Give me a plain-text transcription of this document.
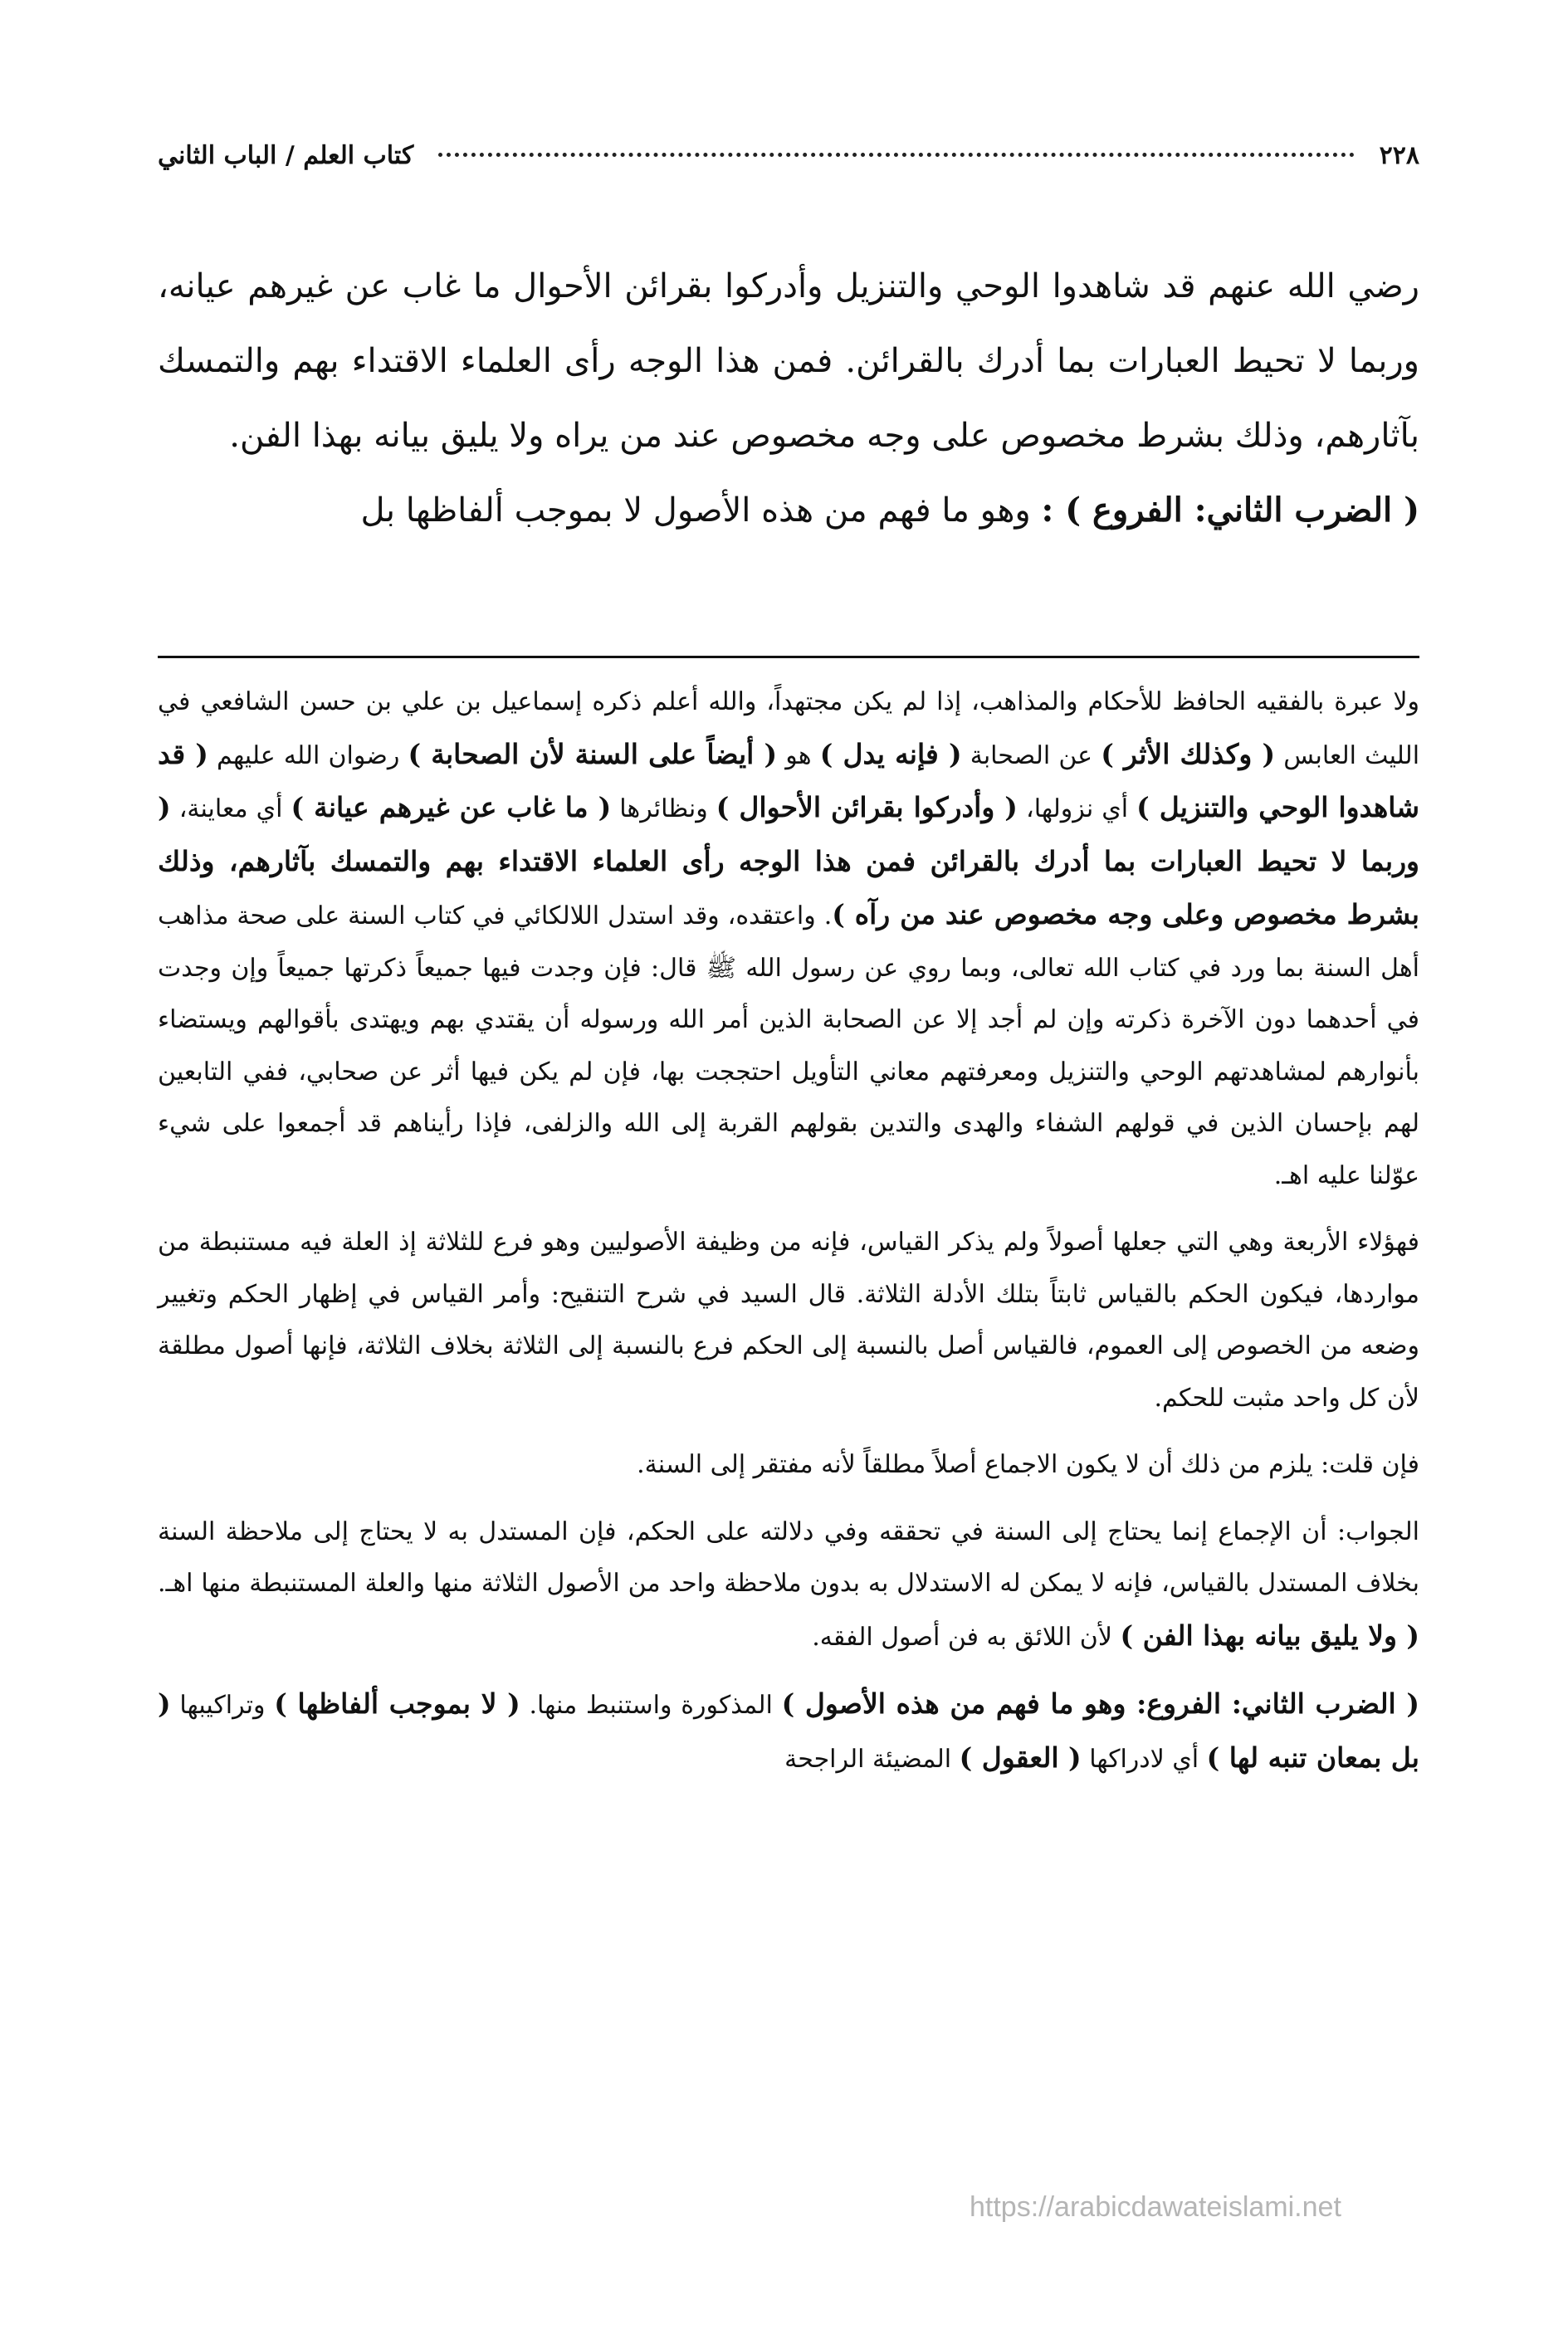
٢٢٨
كتاب العلم / الباب الثاني

رضي الله عنهم قد شاهدوا الوحي والتنزيل وأدركوا بقرائن الأحوال ما غاب عن غيرهم عيانه، وربما لا تحيط العبارات بما أدرك بالقرائن. فمن هذا الوجه رأى العلماء الاقتداء بهم والتمسك بآثارهم، وذلك بشرط مخصوص على وجه مخصوص عند من يراه ولا يليق بيانه بهذا الفن.

( الضرب الثاني: الفروع ) : وهو ما فهم من هذه الأصول لا بموجب ألفاظها بل

ولا عبرة بالفقيه الحافظ للأحكام والمذاهب، إذا لم يكن مجتهداً، والله أعلم ذكره إسماعيل بن علي بن حسن الشافعي في الليث العابس ( وكذلك الأثر ) عن الصحابة ( فإنه يدل ) هو ( أيضاً على السنة لأن الصحابة ) رضوان الله عليهم ( قد شاهدوا الوحي والتنزيل ) أي نزولها، ( وأدركوا بقرائن الأحوال ) ونظائرها ( ما غاب عن غيرهم عيانة ) أي معاينة، ( وربما لا تحيط العبارات بما أدرك بالقرائن فمن هذا الوجه رأى العلماء الاقتداء بهم والتمسك بآثارهم، وذلك بشرط مخصوص وعلى وجه مخصوص عند من رآه ). واعتقده، وقد استدل اللالكائي في كتاب السنة على صحة مذاهب أهل السنة بما ورد في كتاب الله تعالى، وبما روي عن رسول الله ﷺ قال: فإن وجدت فيها جميعاً ذكرتها جميعاً وإن وجدت في أحدهما دون الآخرة ذكرته وإن لم أجد إلا عن الصحابة الذين أمر الله ورسوله أن يقتدي بهم ويهتدى بأقوالهم ويستضاء بأنوارهم لمشاهدتهم الوحي والتنزيل ومعرفتهم معاني التأويل احتججت بها، فإن لم يكن فيها أثر عن صحابي، ففي التابعين لهم بإحسان الذين في قولهم الشفاء والهدى والتدين بقولهم القربة إلى الله والزلفى، فإذا رأيناهم قد أجمعوا على شيء عوّلنا عليه اهـ.

فهؤلاء الأربعة وهي التي جعلها أصولاً ولم يذكر القياس، فإنه من وظيفة الأصوليين وهو فرع للثلاثة إذ العلة فيه مستنبطة من مواردها، فيكون الحكم بالقياس ثابتاً بتلك الأدلة الثلاثة. قال السيد في شرح التنقيح: وأمر القياس في إظهار الحكم وتغيير وضعه من الخصوص إلى العموم، فالقياس أصل بالنسبة إلى الحكم فرع بالنسبة إلى الثلاثة بخلاف الثلاثة، فإنها أصول مطلقة لأن كل واحد مثبت للحكم.

فإن قلت: يلزم من ذلك أن لا يكون الاجماع أصلاً مطلقاً لأنه مفتقر إلى السنة.

الجواب: أن الإجماع إنما يحتاج إلى السنة في تحققه وفي دلالته على الحكم، فإن المستدل به لا يحتاج إلى ملاحظة السنة بخلاف المستدل بالقياس، فإنه لا يمكن له الاستدلال به بدون ملاحظة واحد من الأصول الثلاثة منها والعلة المستنبطة منها اهـ. ( ولا يليق بيانه بهذا الفن ) لأن اللائق به فن أصول الفقه.

( الضرب الثاني: الفروع: وهو ما فهم من هذه الأصول ) المذكورة واستنبط منها. ( لا بموجب ألفاظها ) وتراكيبها ( بل بمعان تنبه لها ) أي لادراكها ( العقول ) المضيئة الراجحة

https://arabicdawateislami.net
